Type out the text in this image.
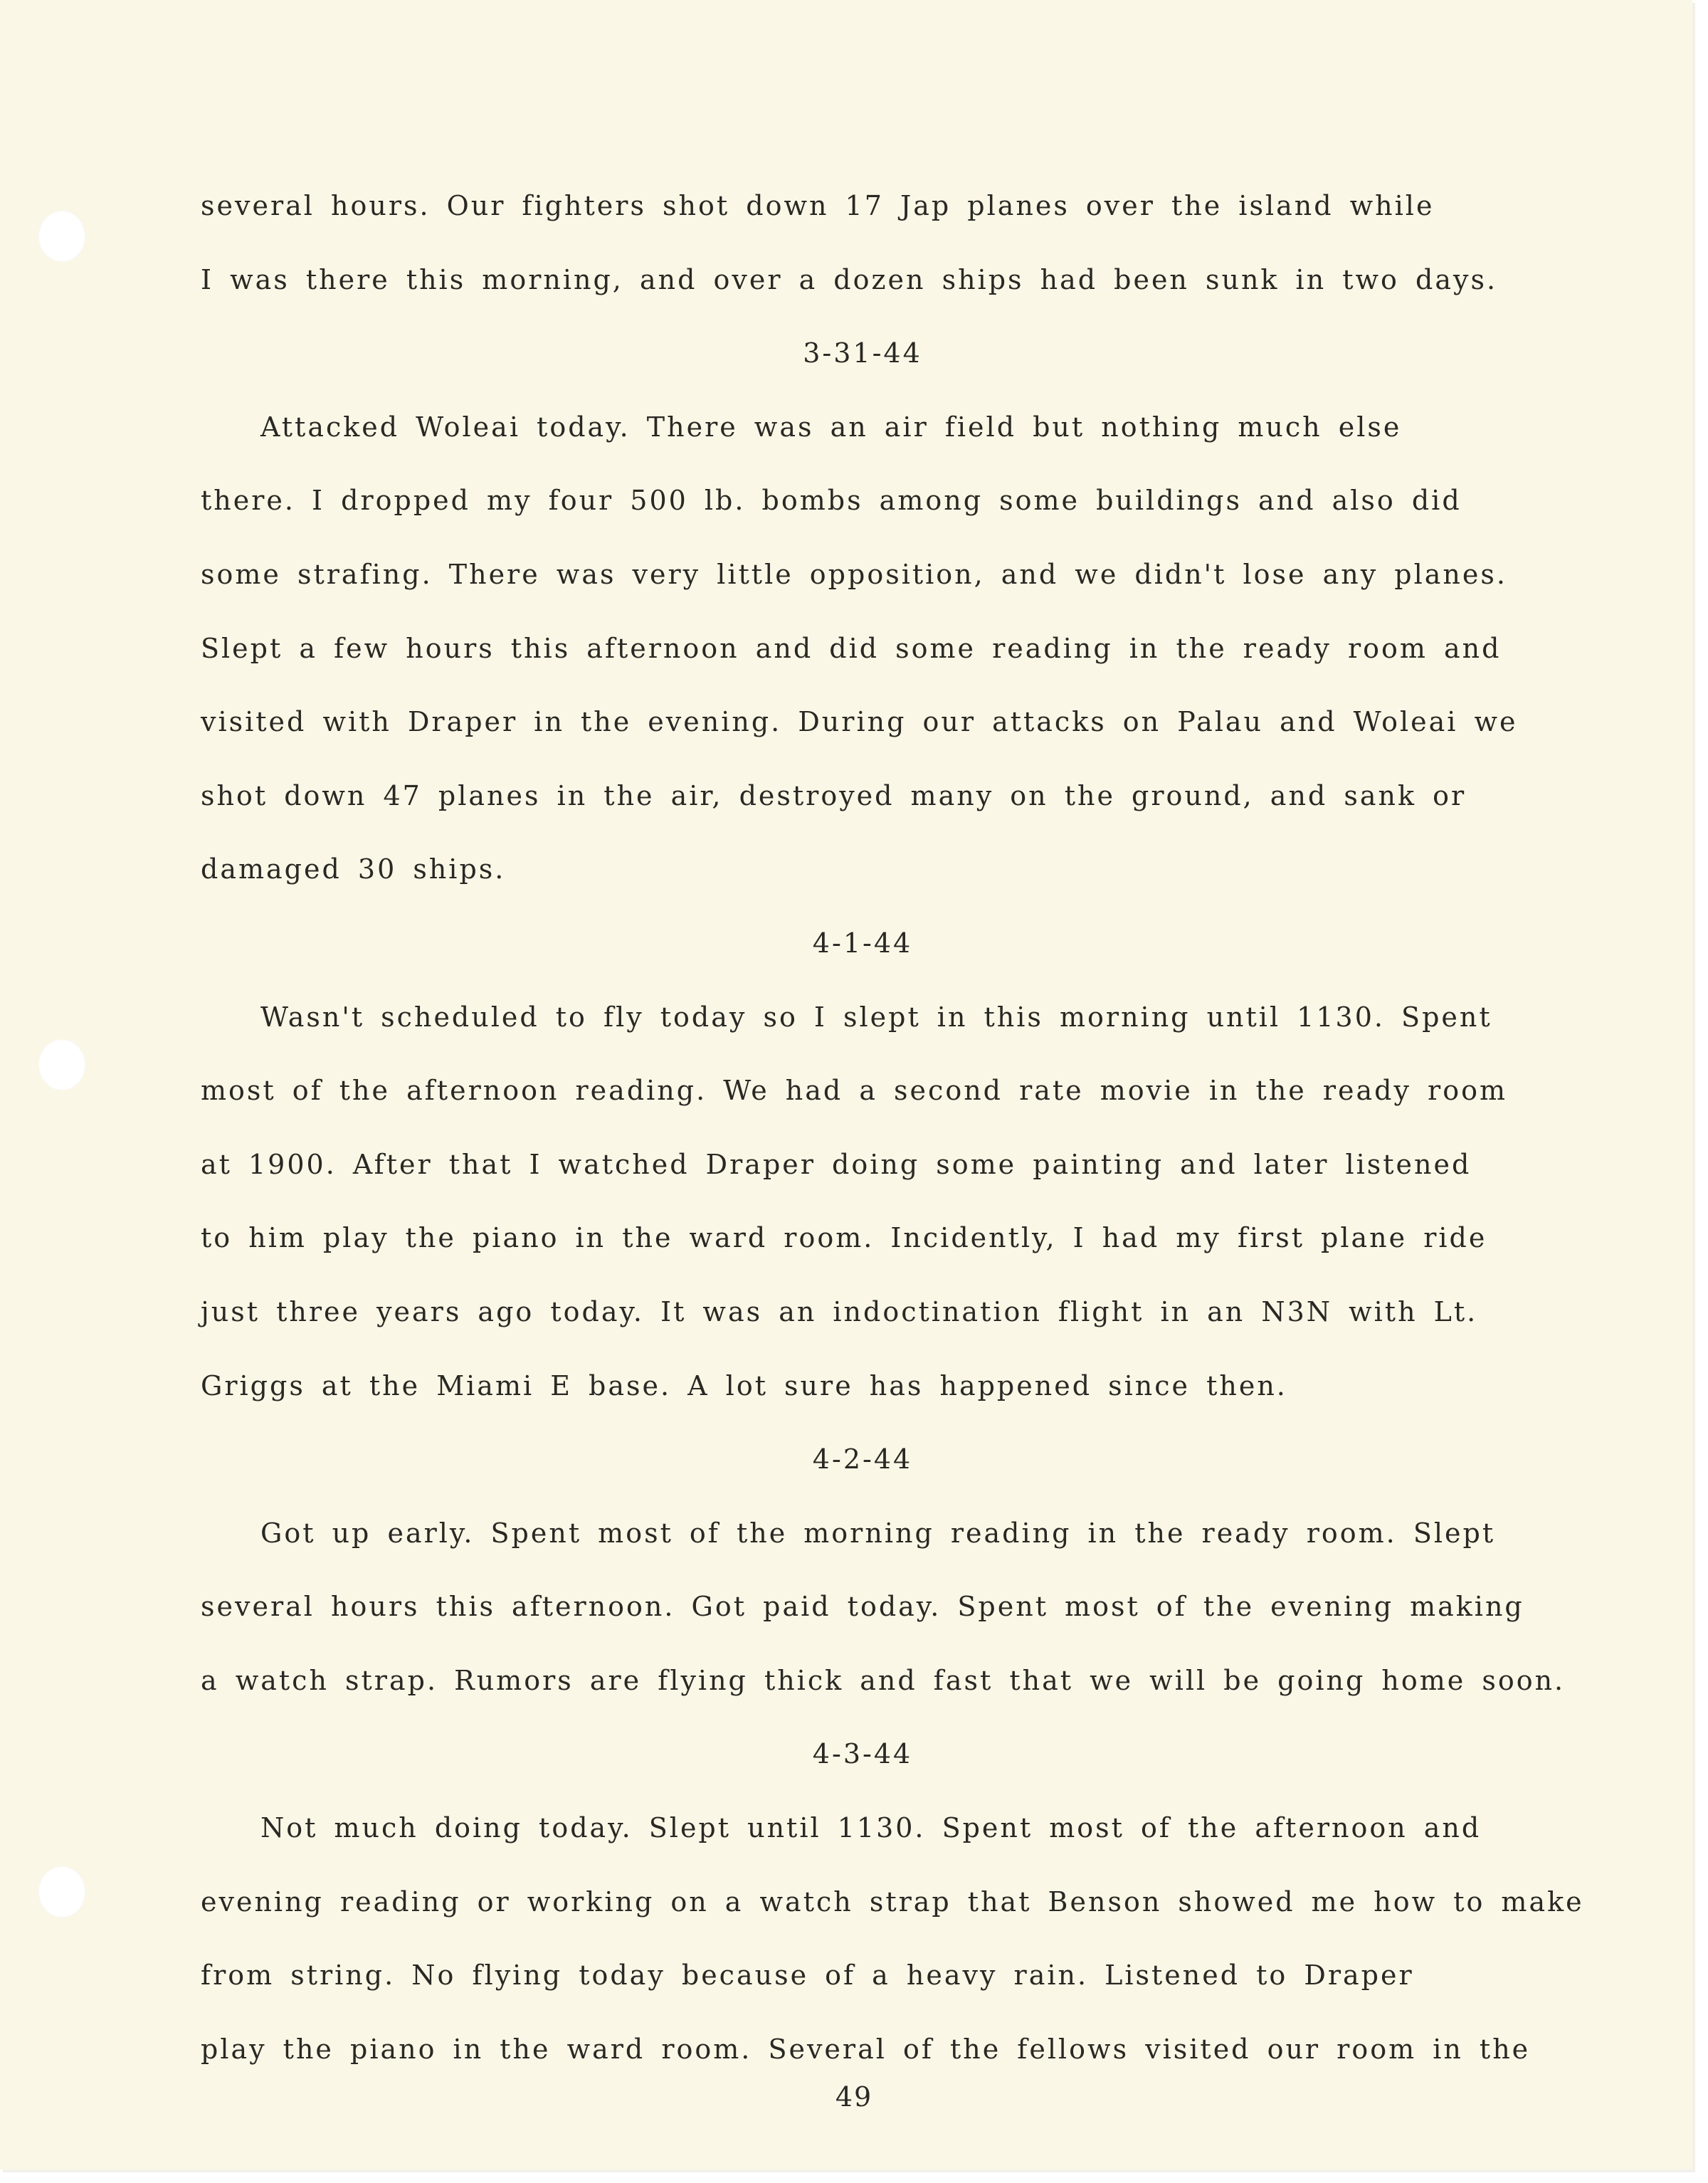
several hours. Our fighters shot down 17 Jap planes over the island while
I was there this morning, and over a dozen ships had been sunk in two days.
3-31-44
Attacked Woleai today. There was an air field but nothing much else
there. I dropped my four 500 lb. bombs among some buildings and also did
some strafing. There was very little opposition, and we didn't lose any planes.
Slept a few hours this afternoon and did some reading in the ready room and
visited with Draper in the evening. During our attacks on Palau and Woleai we
shot down 47 planes in the air, destroyed many on the ground, and sank or
damaged 30 ships.
4-1-44
Wasn't scheduled to fly today so I slept in this morning until 1130. Spent
most of the afternoon reading. We had a second rate movie in the ready room
at 1900. After that I watched Draper doing some painting and later listened
to him play the piano in the ward room. Incidently, I had my first plane ride
just three years ago today. It was an indoctination flight in an N3N with Lt.
Griggs at the Miami E base. A lot sure has happened since then.
4-2-44
Got up early. Spent most of the morning reading in the ready room. Slept
several hours this afternoon. Got paid today. Spent most of the evening making
a watch strap. Rumors are flying thick and fast that we will be going home soon.
4-3-44
Not much doing today. Slept until 1130. Spent most of the afternoon and
evening reading or working on a watch strap that Benson showed me how to make
from string. No flying today because of a heavy rain. Listened to Draper
play the piano in the ward room. Several of the fellows visited our room in the
49
